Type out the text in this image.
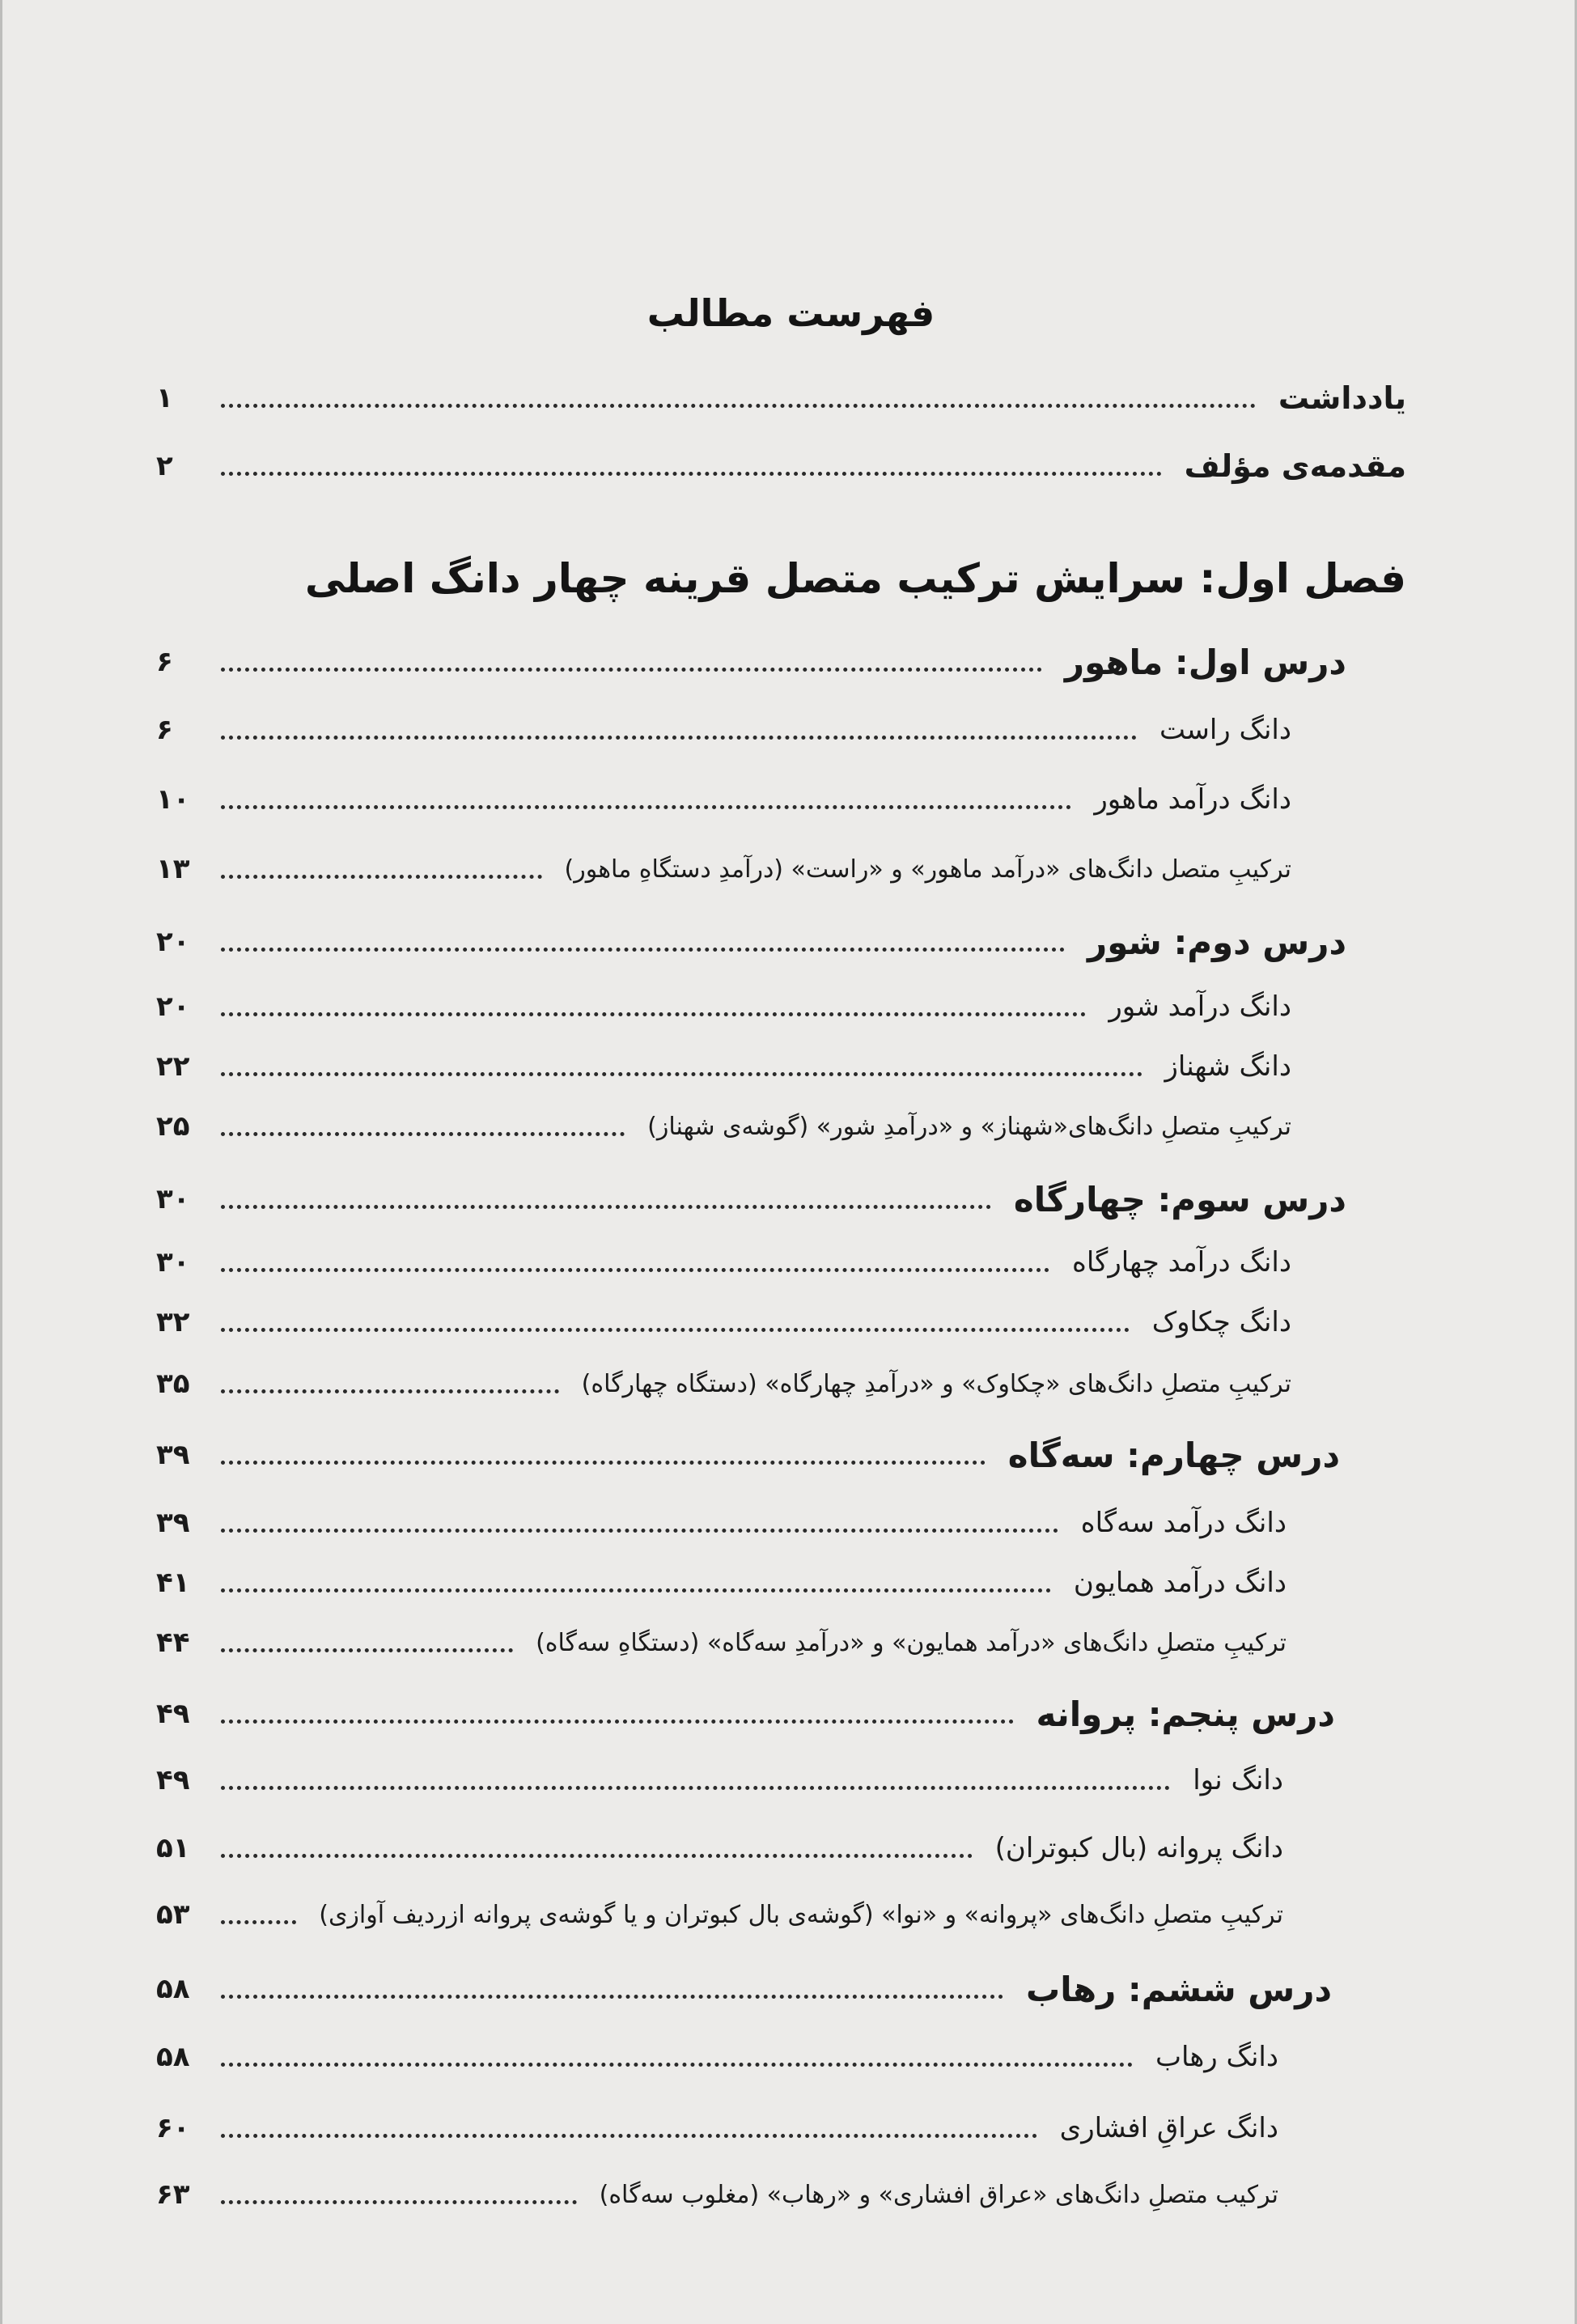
فهرست مطالب
يادداشت
۱
مقدمه‌ی مؤلف
۲
فصل اول: سرايش تركيب متصل قرينه چهار دانگ اصلی
درس اول: ماهور
۶
دانگ راست
۶
دانگ درآمد ماهور
۱۰
تركيبِ متصل دانگ‌های «درآمد ماهور» و «راست» (درآمدِ دستگاهِ ماهور)
۱۳
درس دوم: شور
۲۰
دانگ درآمد شور
۲۰
دانگ شهناز
۲۲
تركيبِ متصلِ دانگ‌های«شهناز» و «درآمدِ شور» (گوشه‌ی شهناز)
۲۵
درس سوم: چهارگاه
۳۰
دانگ درآمد چهارگاه
۳۰
دانگ چكاوک
۳۲
تركيبِ متصلِ دانگ‌های «چكاوک» و «درآمدِ چهارگاه» (دستگاه چهارگاه)
۳۵
درس چهارم: سه‌گاه
۳۹
دانگ درآمد سه‌گاه
۳۹
دانگ درآمد همايون
۴۱
تركيبِ متصلِ دانگ‌های «درآمد همايون» و «درآمدِ سه‌گاه» (دستگاهِ سه‌گاه)
۴۴
درس پنجم: پروانه
۴۹
دانگ نوا
۴۹
دانگ پروانه (بال كبوتران)
۵۱
تركيبِ متصلِ دانگ‌های «پروانه» و «نوا» (گوشه‌ی بال كبوتران و يا گوشه‌ی پروانه ازرديف آوازی)
۵۳
درس ششم: رهاب
۵۸
دانگ رهاب
۵۸
دانگ عراقِ افشاری
۶۰
تركيب متصلِ دانگ‌های «عراق افشاری» و «رهاب» (مغلوب سه‌گاه)
۶۳
